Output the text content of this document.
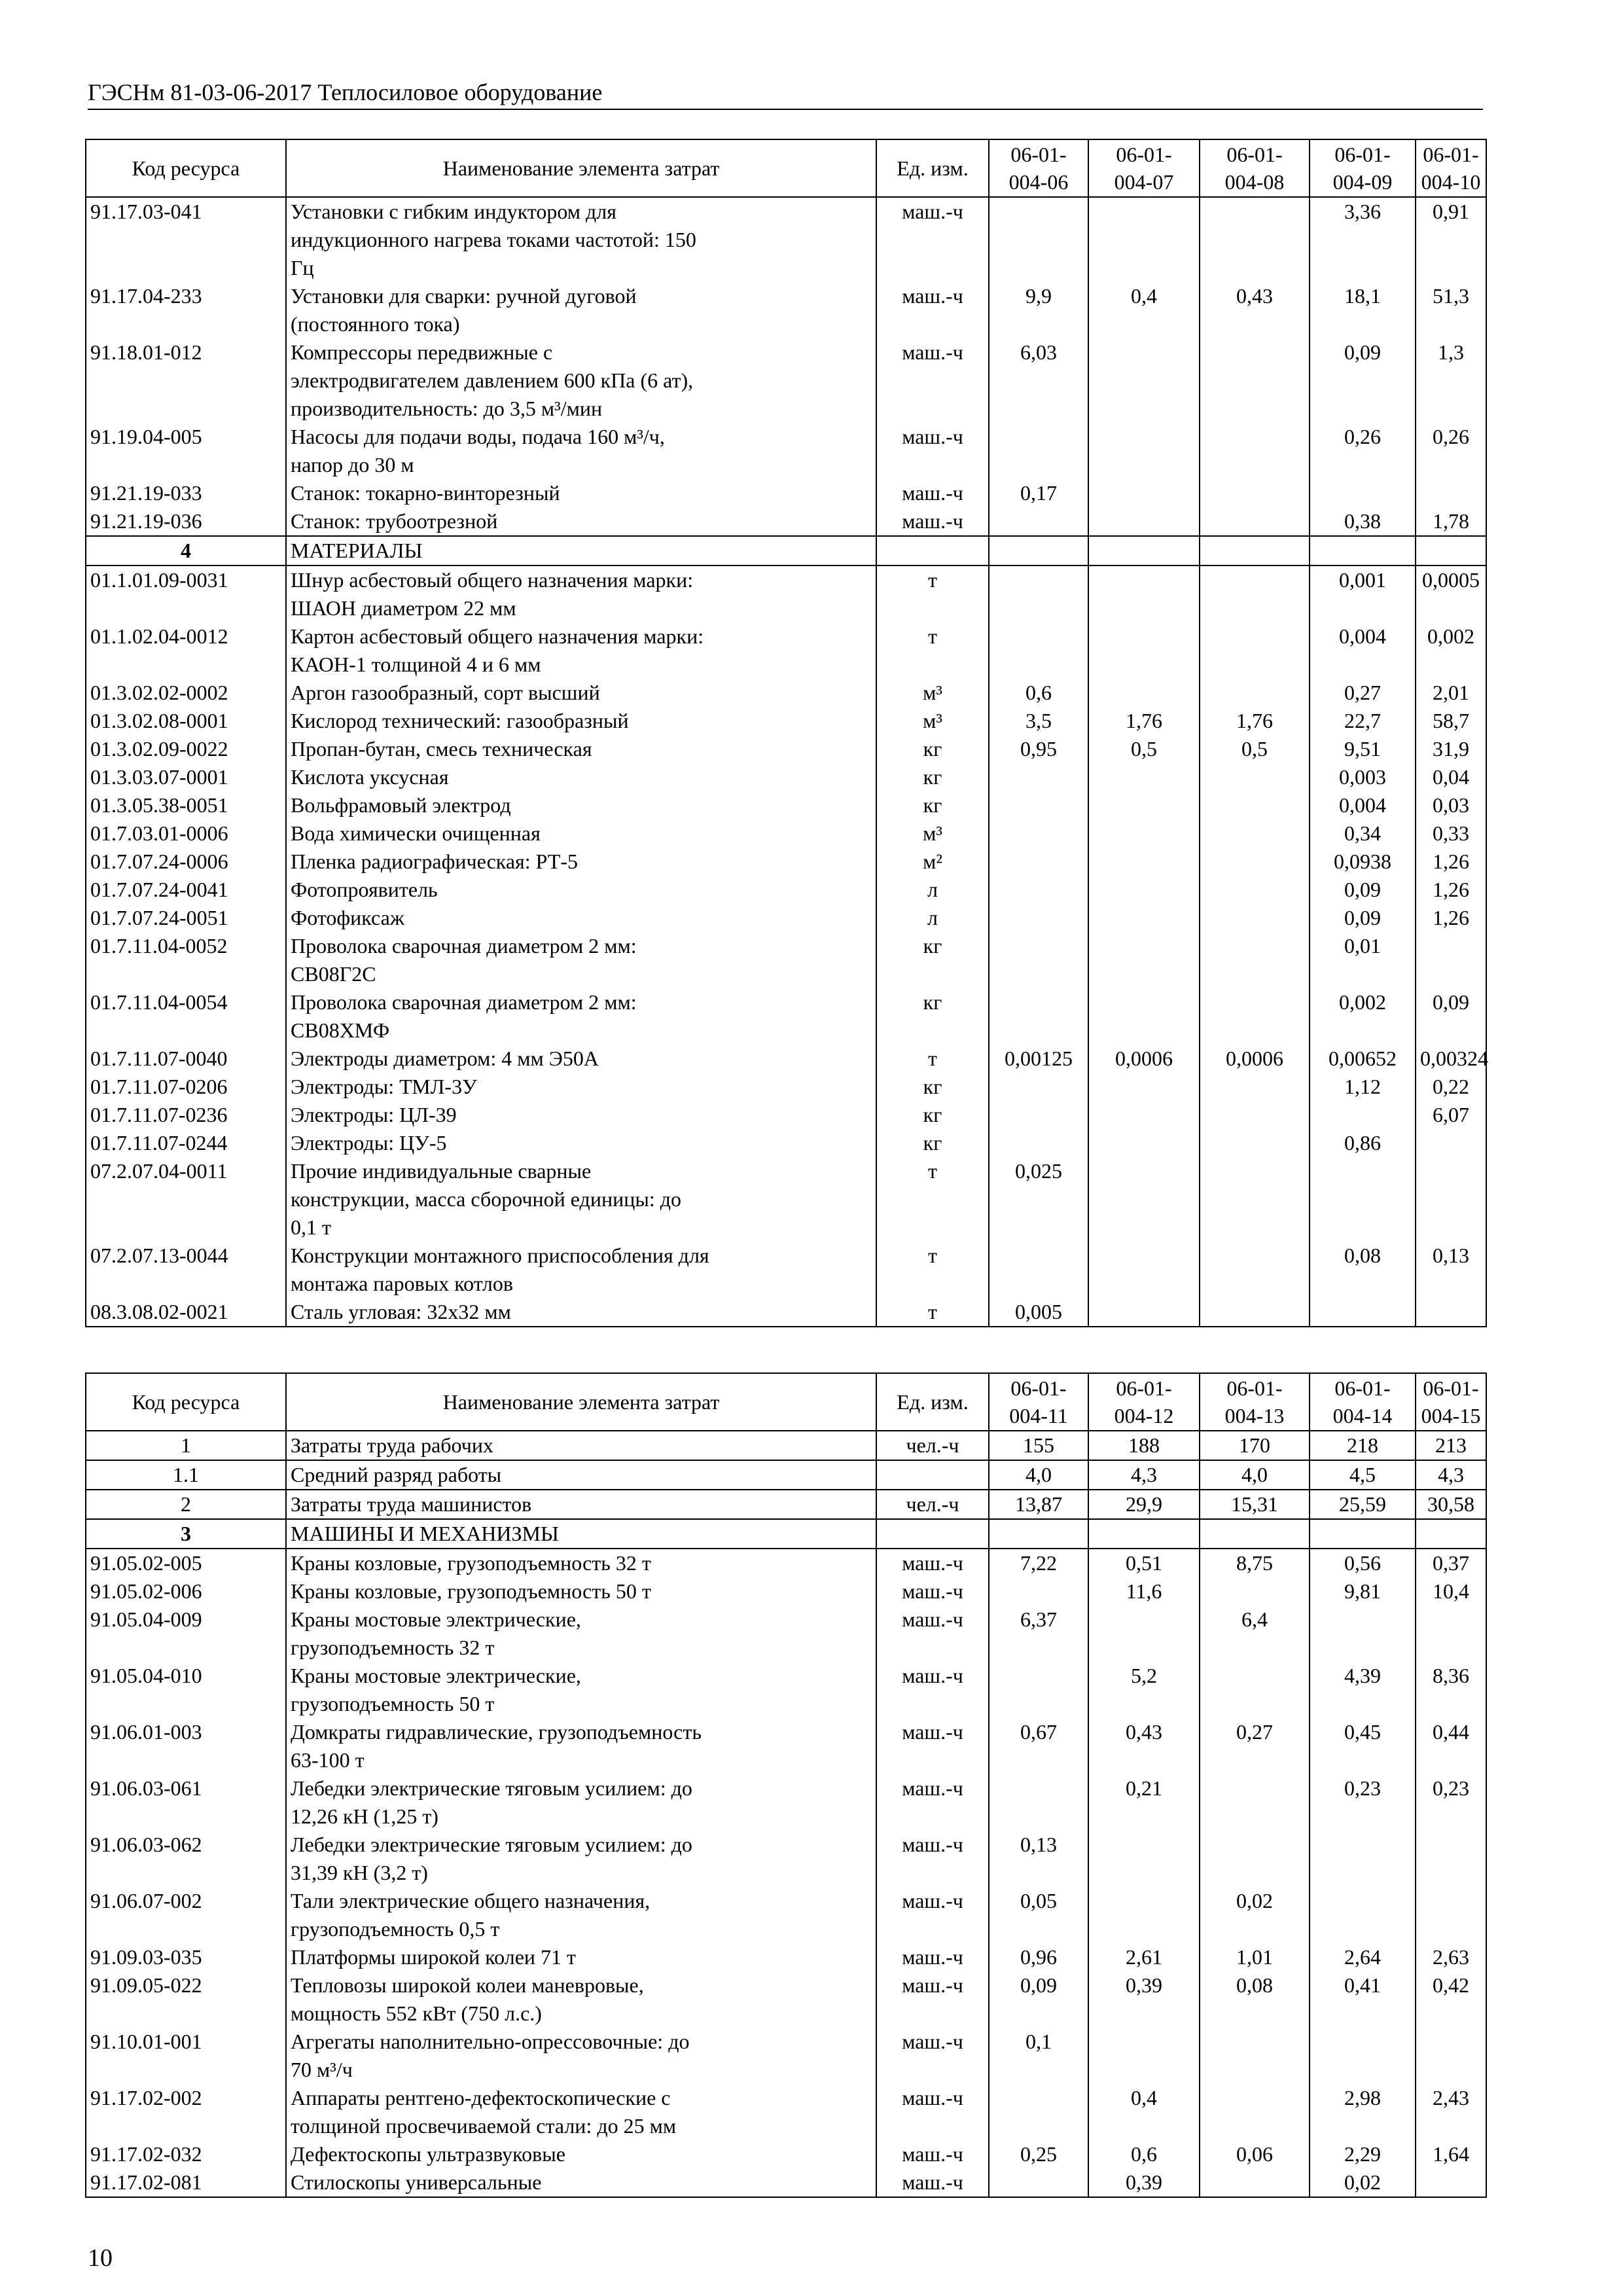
ГЭСНм 81-03-06-2017 Теплосиловое оборудование
Код ресурса	Наименование элемента затрат	Ед. изм.	06-01-
004-06	06-01-
004-07	06-01-
004-08	06-01-
004-09	06-01-
004-10
91.17.03-041	Установки с гибким индуктором для
индукционного нагрева токами частотой: 150
Гц	маш.-ч				3,36	0,91
91.17.04-233	Установки для сварки: ручной дуговой
(постоянного тока)	маш.-ч	9,9	0,4	0,43	18,1	51,3
91.18.01-012	Компрессоры передвижные с
электродвигателем давлением 600 кПа (6 ат),
производительность: до 3,5 м³/мин	маш.-ч	6,03			0,09	1,3
91.19.04-005	Насосы для подачи воды, подача 160 м³/ч,
напор до 30 м	маш.-ч				0,26	0,26
91.21.19-033	Станок: токарно-винторезный	маш.-ч	0,17				
91.21.19-036	Станок: трубоотрезной	маш.-ч				0,38	1,78
4	МАТЕРИАЛЫ						
01.1.01.09-0031	Шнур асбестовый общего назначения марки:
ШАОН диаметром 22 мм	т				0,001	0,0005
01.1.02.04-0012	Картон асбестовый общего назначения марки:
КАОН-1 толщиной 4 и 6 мм	т				0,004	0,002
01.3.02.02-0002	Аргон газообразный, сорт высший	м³	0,6			0,27	2,01
01.3.02.08-0001	Кислород технический: газообразный	м³	3,5	1,76	1,76	22,7	58,7
01.3.02.09-0022	Пропан-бутан, смесь техническая	кг	0,95	0,5	0,5	9,51	31,9
01.3.03.07-0001	Кислота уксусная	кг				0,003	0,04
01.3.05.38-0051	Вольфрамовый электрод	кг				0,004	0,03
01.7.03.01-0006	Вода химически очищенная	м³				0,34	0,33
01.7.07.24-0006	Пленка радиографическая: РТ-5	м²				0,0938	1,26
01.7.07.24-0041	Фотопроявитель	л				0,09	1,26
01.7.07.24-0051	Фотофиксаж	л				0,09	1,26
01.7.11.04-0052	Проволока сварочная диаметром 2 мм:
СВ08Г2С	кг				0,01	
01.7.11.04-0054	Проволока сварочная диаметром 2 мм:
СВ08ХМФ	кг				0,002	0,09
01.7.11.07-0040	Электроды диаметром: 4 мм Э50А	т	0,00125	0,0006	0,0006	0,00652	0,00324
01.7.11.07-0206	Электроды: ТМЛ-3У	кг				1,12	0,22
01.7.11.07-0236	Электроды: ЦЛ-39	кг					6,07
01.7.11.07-0244	Электроды: ЦУ-5	кг				0,86	
07.2.07.04-0011	Прочие индивидуальные сварные
конструкции, масса сборочной единицы: до
0,1 т	т	0,025				
07.2.07.13-0044	Конструкции монтажного приспособления для
монтажа паровых котлов	т				0,08	0,13
08.3.08.02-0021	Сталь угловая: 32x32 мм	т	0,005				
Код ресурса	Наименование элемента затрат	Ед. изм.	06-01-
004-11	06-01-
004-12	06-01-
004-13	06-01-
004-14	06-01-
004-15
1	Затраты труда рабочих	чел.-ч	155	188	170	218	213
1.1	Средний разряд работы		4,0	4,3	4,0	4,5	4,3
2	Затраты труда машинистов	чел.-ч	13,87	29,9	15,31	25,59	30,58
3	МАШИНЫ И МЕХАНИЗМЫ						
91.05.02-005	Краны козловые, грузоподъемность 32 т	маш.-ч	7,22	0,51	8,75	0,56	0,37
91.05.02-006	Краны козловые, грузоподъемность 50 т	маш.-ч		11,6		9,81	10,4
91.05.04-009	Краны мостовые электрические,
грузоподъемность 32 т	маш.-ч	6,37		6,4		
91.05.04-010	Краны мостовые электрические,
грузоподъемность 50 т	маш.-ч		5,2		4,39	8,36
91.06.01-003	Домкраты гидравлические, грузоподъемность
63-100 т	маш.-ч	0,67	0,43	0,27	0,45	0,44
91.06.03-061	Лебедки электрические тяговым усилием: до
12,26 кН (1,25 т)	маш.-ч		0,21		0,23	0,23
91.06.03-062	Лебедки электрические тяговым усилием: до
31,39 кН (3,2 т)	маш.-ч	0,13				
91.06.07-002	Тали электрические общего назначения,
грузоподъемность 0,5 т	маш.-ч	0,05		0,02		
91.09.03-035	Платформы широкой колеи 71 т	маш.-ч	0,96	2,61	1,01	2,64	2,63
91.09.05-022	Тепловозы широкой колеи маневровые,
мощность 552 кВт (750 л.с.)	маш.-ч	0,09	0,39	0,08	0,41	0,42
91.10.01-001	Агрегаты наполнительно-опрессовочные: до
70 м³/ч	маш.-ч	0,1				
91.17.02-002	Аппараты рентгено-дефектоскопические с
толщиной просвечиваемой стали: до 25 мм	маш.-ч		0,4		2,98	2,43
91.17.02-032	Дефектоскопы ультразвуковые	маш.-ч	0,25	0,6	0,06	2,29	1,64
91.17.02-081	Стилоскопы универсальные	маш.-ч		0,39		0,02	
10
